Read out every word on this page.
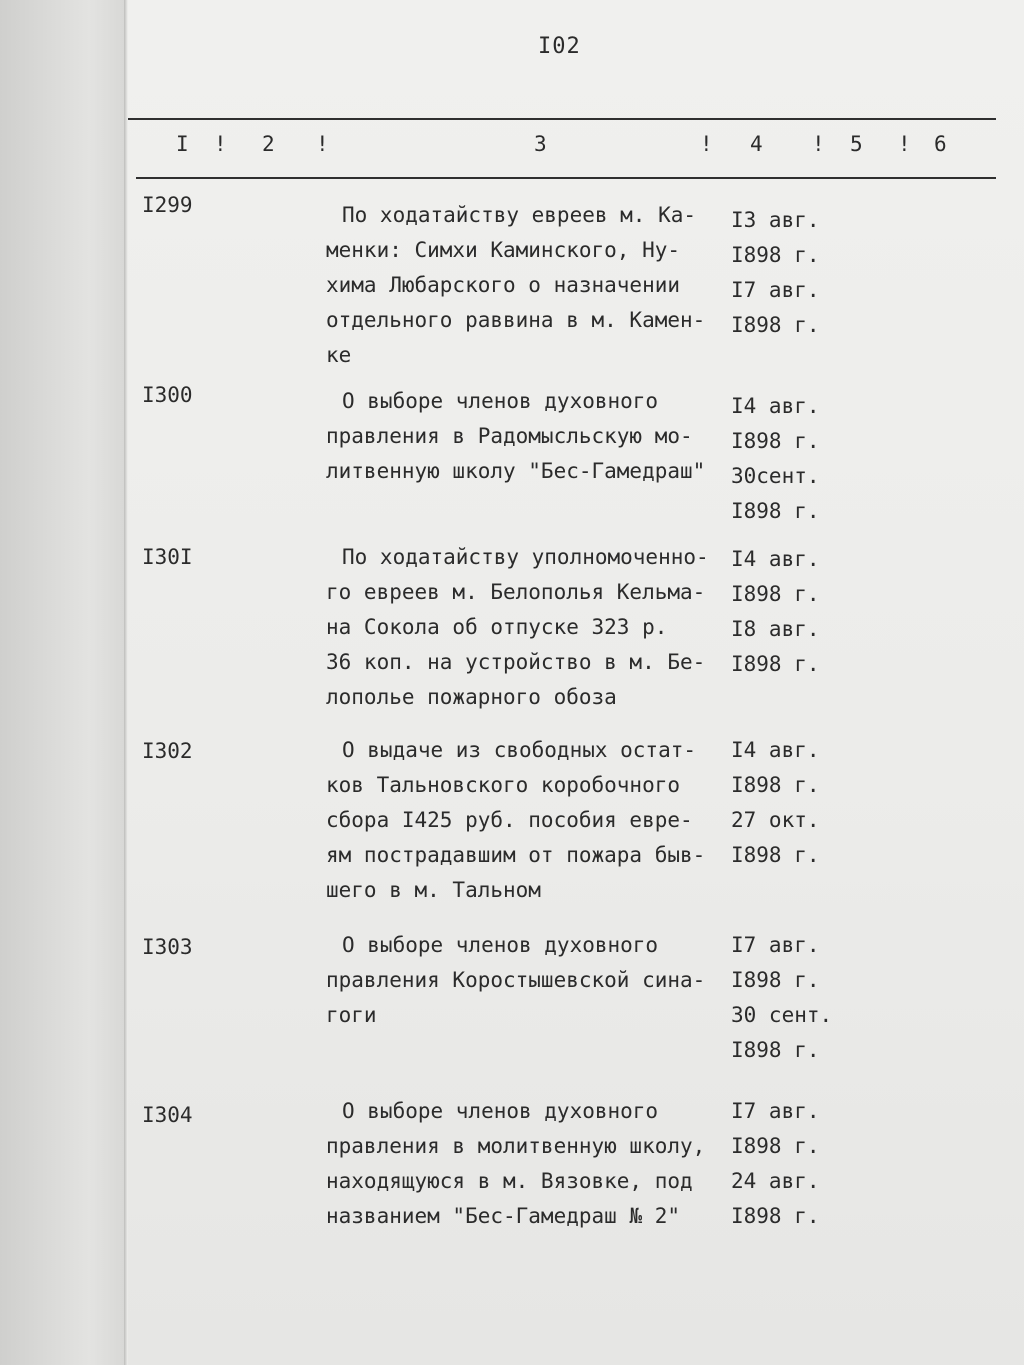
I02
I ! 2 !	3	! 4 ! 5 ! 6
I299	По ходатайству евреев м. Ка-
менки: Симхи Каминского, Ну-
хима Любарского о назначении
отдельного раввина в м. Камен-
ке
I3 авг.
I898 г.
I7 авг.
I898 г.
I300	О выборе членов духовного
правления в Радомысльскую мо-
литвенную школу "Бес-Гамедраш"
I4 авг.
I898 г.
30сент.
I898 г.
I30I	По ходатайству уполномоченно-
го евреев м. Белополья Кельма-
на Сокола об отпуске 323 р.
36 коп. на устройство в м. Бе-
лополье пожарного обоза
I4 авг.
I898 г.
I8 авг.
I898 г.
I302	О выдаче из свободных остат-
ков Тальновского коробочного
сбора I425 руб. пособия евре-
ям пострадавшим от пожара быв-
шего в м. Тальном
I4 авг.
I898 г.
27 окт.
I898 г.
I303	О выборе членов духовного
правления Коростышевской сина-
гоги
I7 авг.
I898 г.
30 сент.
I898 г.
I304	О выборе членов духовного
правления в молитвенную школу,
находящуюся в м. Вязовке, под
названием "Бес-Гамедраш № 2"
I7 авг.
I898 г.
24 авг.
I898 г.
